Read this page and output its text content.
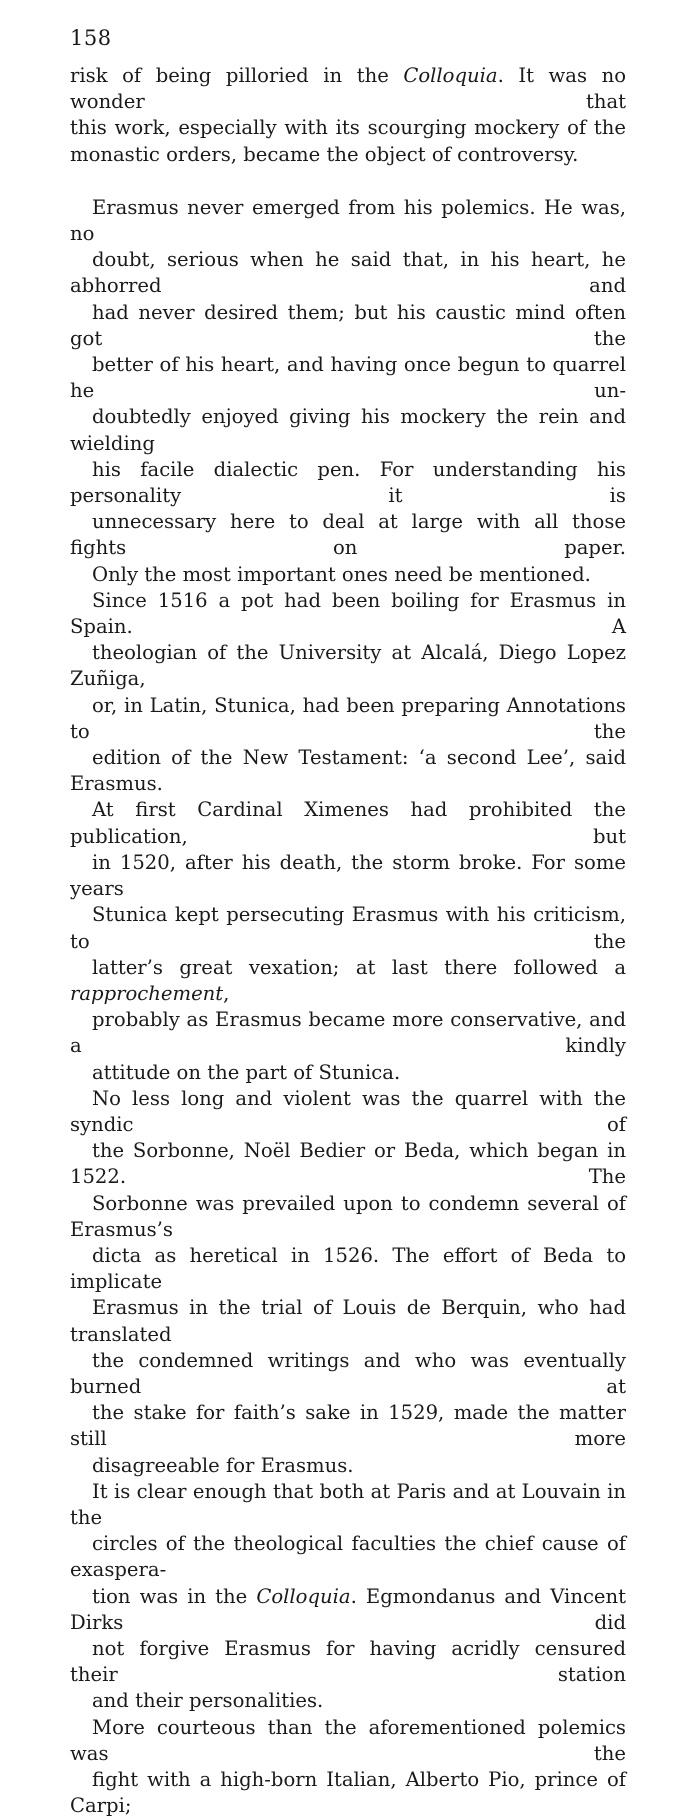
158

risk of being pilloried in the Colloquia. It was no wonder that
this work, especially with its scourging mockery of the
monastic orders, became the object of controversy.

Erasmus never emerged from his polemics. He was, no
doubt, serious when he said that, in his heart, he abhorred and
had never desired them; but his caustic mind often got the
better of his heart, and having once begun to quarrel he un-
doubtedly enjoyed giving his mockery the rein and wielding
his facile dialectic pen. For understanding his personality it is
unnecessary here to deal at large with all those fights on paper.
Only the most important ones need be mentioned.

Since 1516 a pot had been boiling for Erasmus in Spain. A
theologian of the University at Alcalá, Diego Lopez Zuñiga,
or, in Latin, Stunica, had been preparing Annotations to the
edition of the New Testament: ‘a second Lee’, said Erasmus.
At first Cardinal Ximenes had prohibited the publication, but
in 1520, after his death, the storm broke. For some years
Stunica kept persecuting Erasmus with his criticism, to the
latter’s great vexation; at last there followed a rapprochement,
probably as Erasmus became more conservative, and a kindly
attitude on the part of Stunica.

No less long and violent was the quarrel with the syndic of
the Sorbonne, Noël Bedier or Beda, which began in 1522. The
Sorbonne was prevailed upon to condemn several of Erasmus’s
dicta as heretical in 1526. The effort of Beda to implicate
Erasmus in the trial of Louis de Berquin, who had translated
the condemned writings and who was eventually burned at
the stake for faith’s sake in 1529, made the matter still more
disagreeable for Erasmus.

It is clear enough that both at Paris and at Louvain in the
circles of the theological faculties the chief cause of exaspera-
tion was in the Colloquia. Egmondanus and Vincent Dirks did
not forgive Erasmus for having acridly censured their station
and their personalities.

More courteous than the aforementioned polemics was the
fight with a high-born Italian, Alberto Pio, prince of Carpi;
